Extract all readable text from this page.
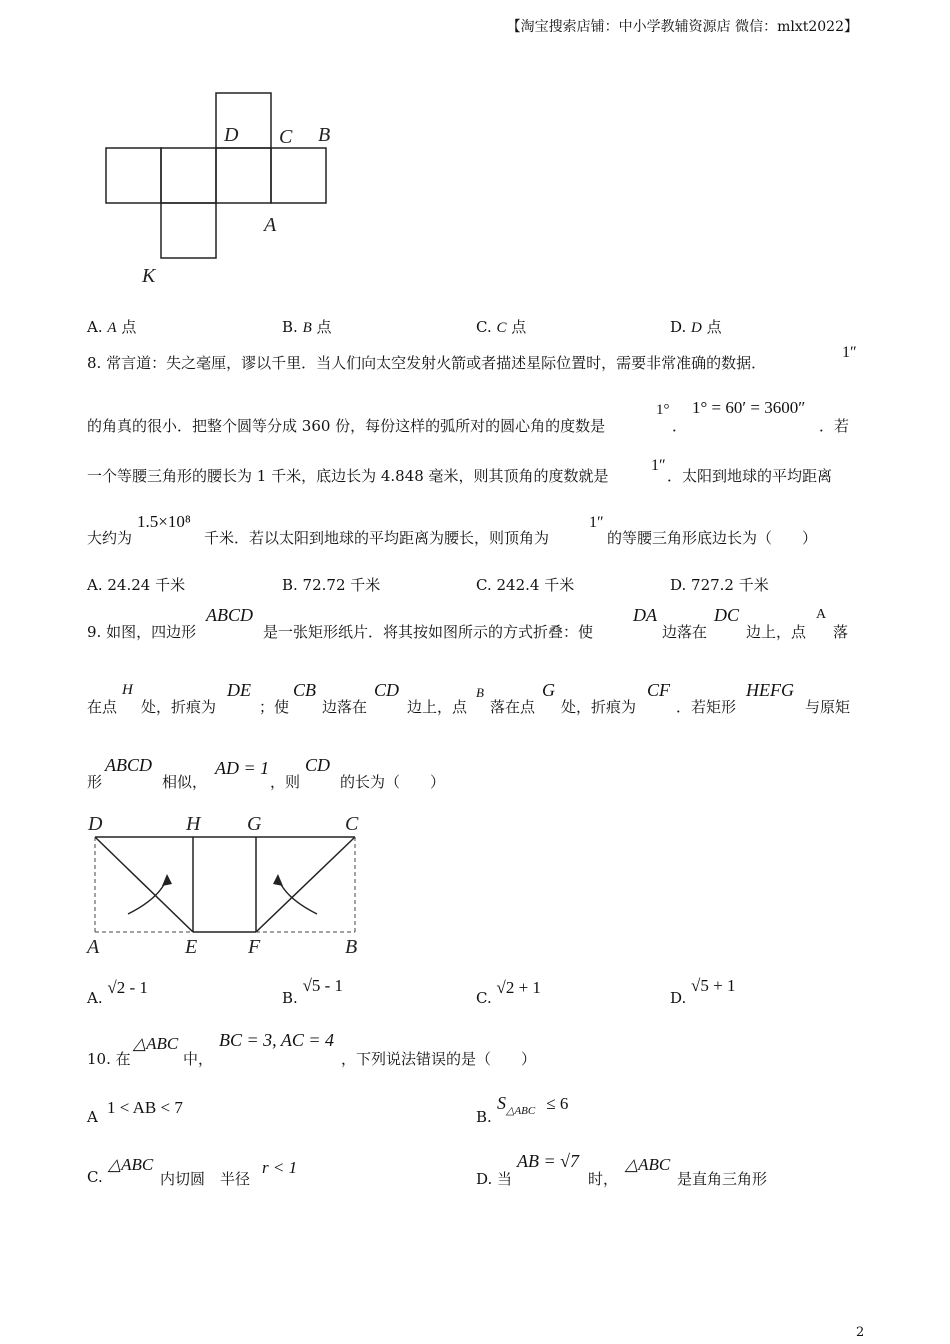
【淘宝搜索店铺：中小学教辅资源店 微信：mlxt2022】
D C B
A
K
A. A 点	B. B 点	C. C 点	D. D 点
8. 常言道：失之毫厘，谬以千里．当人们向太空发射火箭或者描述星际位置时，需要非常准确的数据．
1″
的角真的很小．把整个圆等分成 360 份，每份这样的弧所对的圆心角的度数是
1°
．
1° = 60′ = 3600″
．若
一个等腰三角形的腰长为 1 千米，底边长为 4.848 毫米，则其顶角的度数就是
1″
．太阳到地球的平均距离
大约为
1.5×10⁸
千米．若以太阳到地球的平均距离为腰长，则顶角为
1″
的等腰三角形底边长为（　　）
A. 24.24 千米	B. 72.72 千米	C. 242.4 千米	D. 727.2 千米
9. 如图，四边形
ABCD
是一张矩形纸片．将其按如图所示的方式折叠：使
DA
边落在
DC
边上，点
A
落
在点
H
处，折痕为
DE
；使
CB
边落在
CD
边上，点
B
落在点
G
处，折痕为
CF
．若矩形
HEFG
与原矩
形
ABCD
相似，
AD = 1
，则
CD
的长为（　　）
D	H G	C
A	E	F	B
A. √2 - 1
B. √5 - 1
C. √2 + 1
D. √5 + 1
10. 在
△ABC
中，
BC = 3, AC = 4
，下列说法错误的是（　　）
A 1 < AB < 7	B.
$S_{\triangle ABC} \le 6$
C.
△ABC
内切圆　半径
r < 1
D. 当
AB = √7
时，
△ABC
是直角三角形
2
